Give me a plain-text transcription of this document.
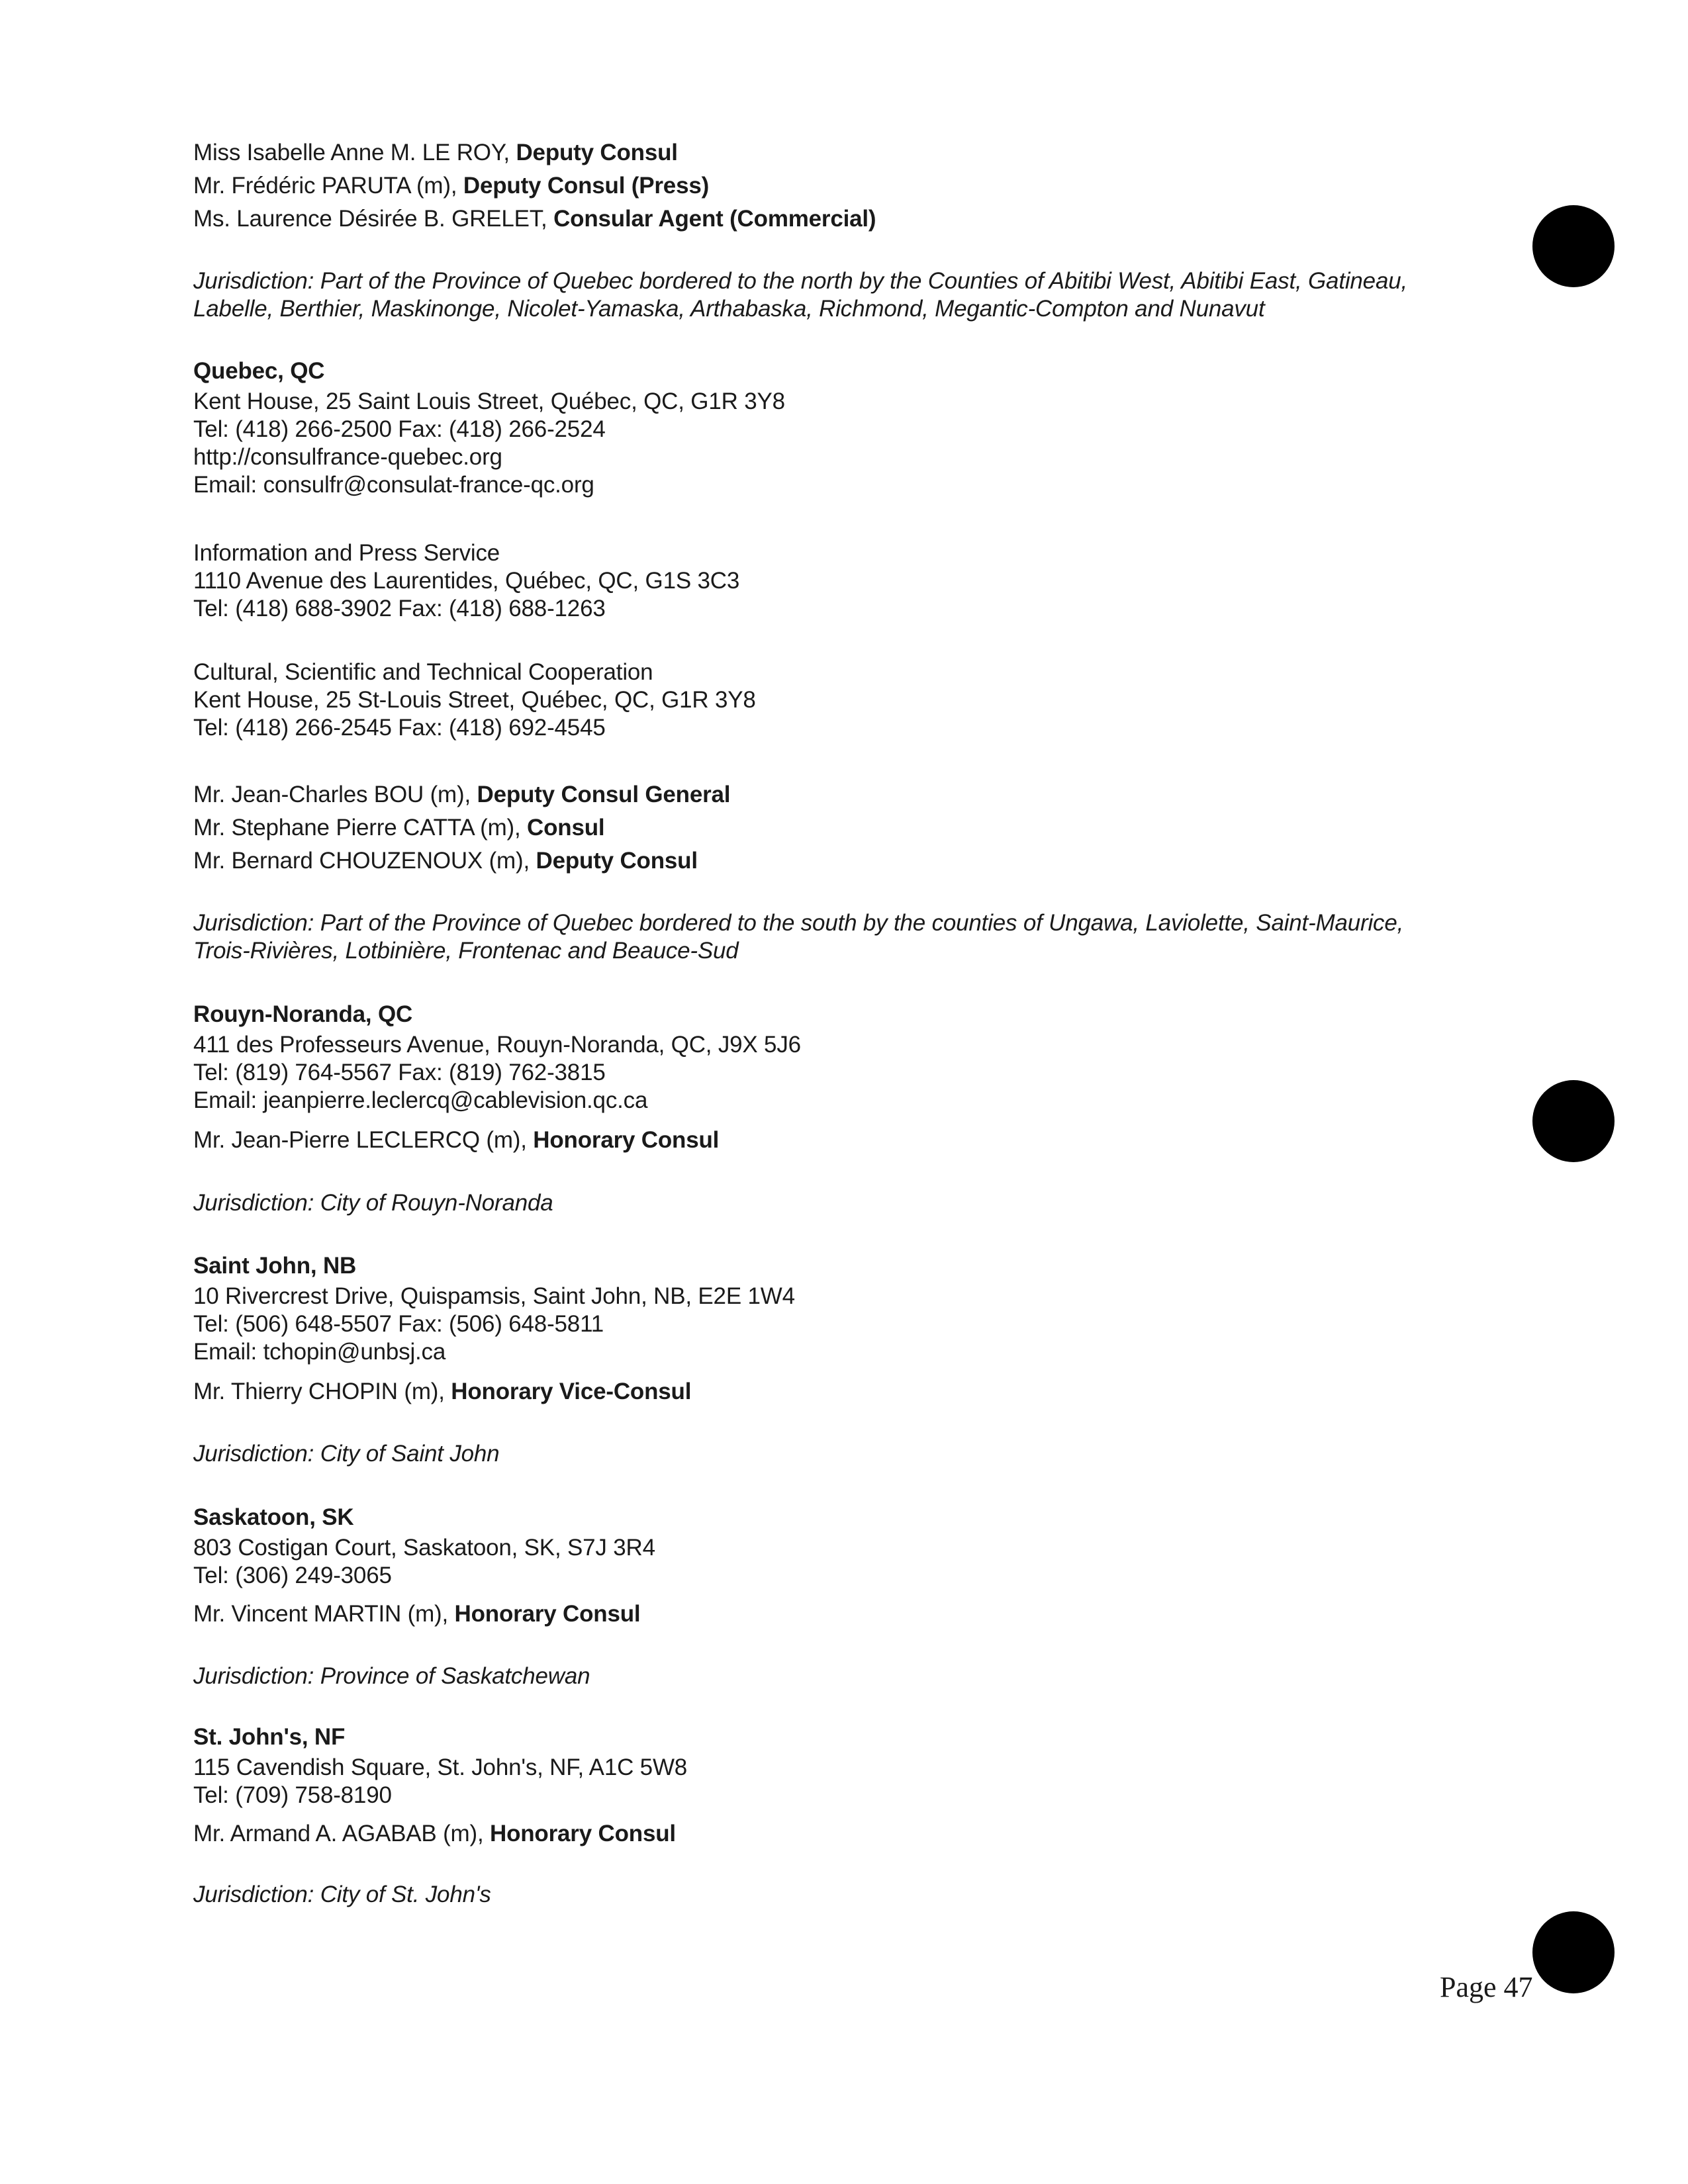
Miss Isabelle Anne M. LE ROY, Deputy Consul
Mr. Frédéric PARUTA (m), Deputy Consul (Press)
Ms. Laurence Désirée B. GRELET, Consular Agent (Commercial)
Jurisdiction: Part of the Province of Quebec bordered to the north by the Counties of Abitibi West, Abitibi East, Gatineau,
Labelle, Berthier, Maskinonge, Nicolet-Yamaska, Arthabaska, Richmond, Megantic-Compton and Nunavut
Quebec, QC
Kent House, 25 Saint Louis Street, Québec, QC, G1R 3Y8
Tel: (418) 266-2500 Fax: (418) 266-2524
http://consulfrance-quebec.org
Email: consulfr@consulat-france-qc.org
Information and Press Service
1110 Avenue des Laurentides, Québec, QC, G1S 3C3
Tel: (418) 688-3902 Fax: (418) 688-1263
Cultural, Scientific and Technical Cooperation
Kent House, 25 St-Louis Street, Québec, QC, G1R 3Y8
Tel: (418) 266-2545 Fax: (418) 692-4545
Mr. Jean-Charles BOU (m), Deputy Consul General
Mr. Stephane Pierre CATTA (m), Consul
Mr. Bernard CHOUZENOUX (m), Deputy Consul
Jurisdiction: Part of the Province of Quebec bordered to the south by the counties of Ungawa, Laviolette, Saint-Maurice,
Trois-Rivières, Lotbinière, Frontenac and Beauce-Sud
Rouyn-Noranda, QC
411 des Professeurs Avenue, Rouyn-Noranda, QC, J9X 5J6
Tel: (819) 764-5567 Fax: (819) 762-3815
Email: jeanpierre.leclercq@cablevision.qc.ca
Mr. Jean-Pierre LECLERCQ (m), Honorary Consul
Jurisdiction: City of Rouyn-Noranda
Saint John, NB
10 Rivercrest Drive, Quispamsis, Saint John, NB, E2E 1W4
Tel: (506) 648-5507 Fax: (506) 648-5811
Email: tchopin@unbsj.ca
Mr. Thierry CHOPIN (m), Honorary Vice-Consul
Jurisdiction: City of Saint John
Saskatoon, SK
803 Costigan Court, Saskatoon, SK, S7J 3R4
Tel: (306) 249-3065
Mr. Vincent MARTIN (m), Honorary Consul
Jurisdiction: Province of Saskatchewan
St. John's, NF
115 Cavendish Square, St. John's, NF, A1C 5W8
Tel: (709) 758-8190
Mr. Armand A. AGABAB (m), Honorary Consul
Jurisdiction: City of St. John's
Page 47
